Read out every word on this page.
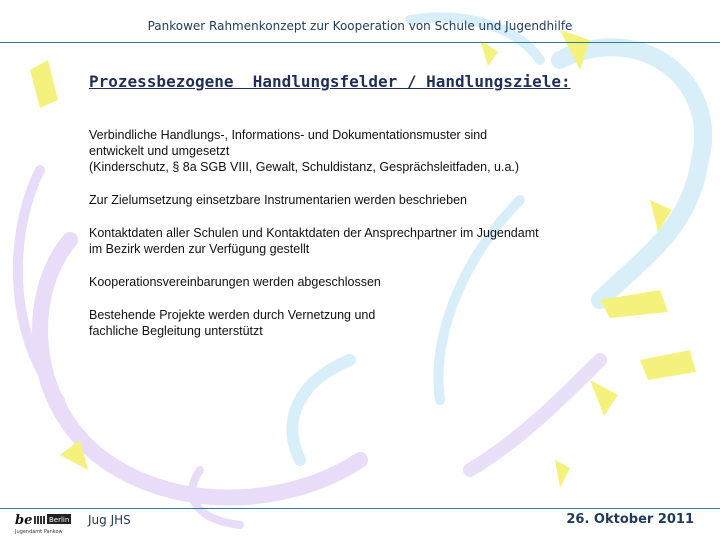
Pankower Rahmenkonzept zur Kooperation von Schule und Jugendhilfe
Prozessbezogene  Handlungsfelder / Handlungsziele:

Verbindliche Handlungs-, Informations- und Dokumentationsmuster sind
entwickelt und umgesetzt
(Kinderschutz, § 8a SGB VIII, Gewalt, Schuldistanz, Gesprächsleitfaden, u.a.)

Zur Zielumsetzung einsetzbare Instrumentarien werden beschrieben

Kontaktdaten aller Schulen und Kontaktdaten der Ansprechpartner im Jugendamt
im Bezirk werden zur Verfügung gestellt

Kooperationsvereinbarungen werden abgeschlossen

Bestehende Projekte werden durch Vernetzung und
fachliche Begleitung unterstützt

be Berlin
Jugendamt Pankow
Jug JHS	26. Oktober 2011
